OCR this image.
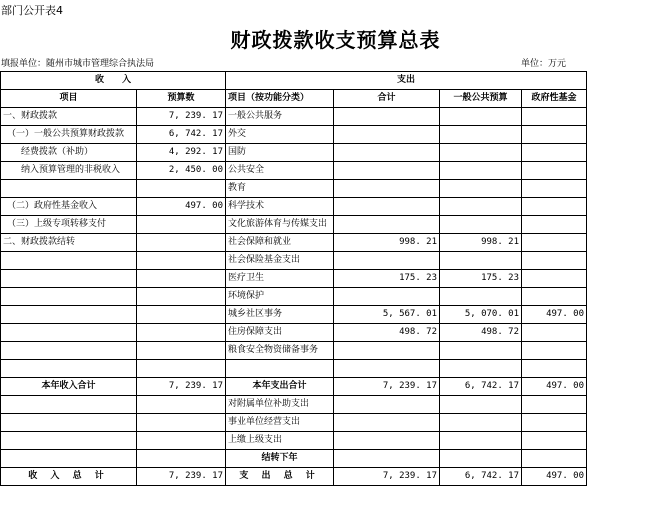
部门公开表4
财政拨款收支预算总表
填报单位：随州市城市管理综合执法局	单位：万元
收　　入		支出			
项目	预算数	项目（按功能分类）	合计	一般公共预算	政府性基金
一、财政拨款	7, 239. 17	一般公共服务			
（一）一般公共预算财政拨款	6, 742. 17	外交			
经费拨款（补助）	4, 292. 17	国防			
纳入预算管理的非税收入	2, 450. 00	公共安全			
		教育			
（二）政府性基金收入	497. 00	科学技术			
（三）上级专项转移支付		文化旅游体育与传媒支出			
二、财政拨款结转		社会保障和就业	998. 21	998. 21	
		社会保险基金支出			
		医疗卫生	175. 23	175. 23	
		环境保护			
		城乡社区事务	5, 567. 01	5, 070. 01	497. 00
		住房保障支出	498. 72	498. 72	
		粮食安全物资储备事务			

本年收入合计	7, 239. 17	本年支出合计	7, 239. 17	6, 742. 17	497. 00
		对附属单位补助支出			
		事业单位经营支出			
		上缴上级支出			
		结转下年			
收 入 总 计	7, 239. 17	支 出 总 计	7, 239. 17	6, 742. 17	497. 00
